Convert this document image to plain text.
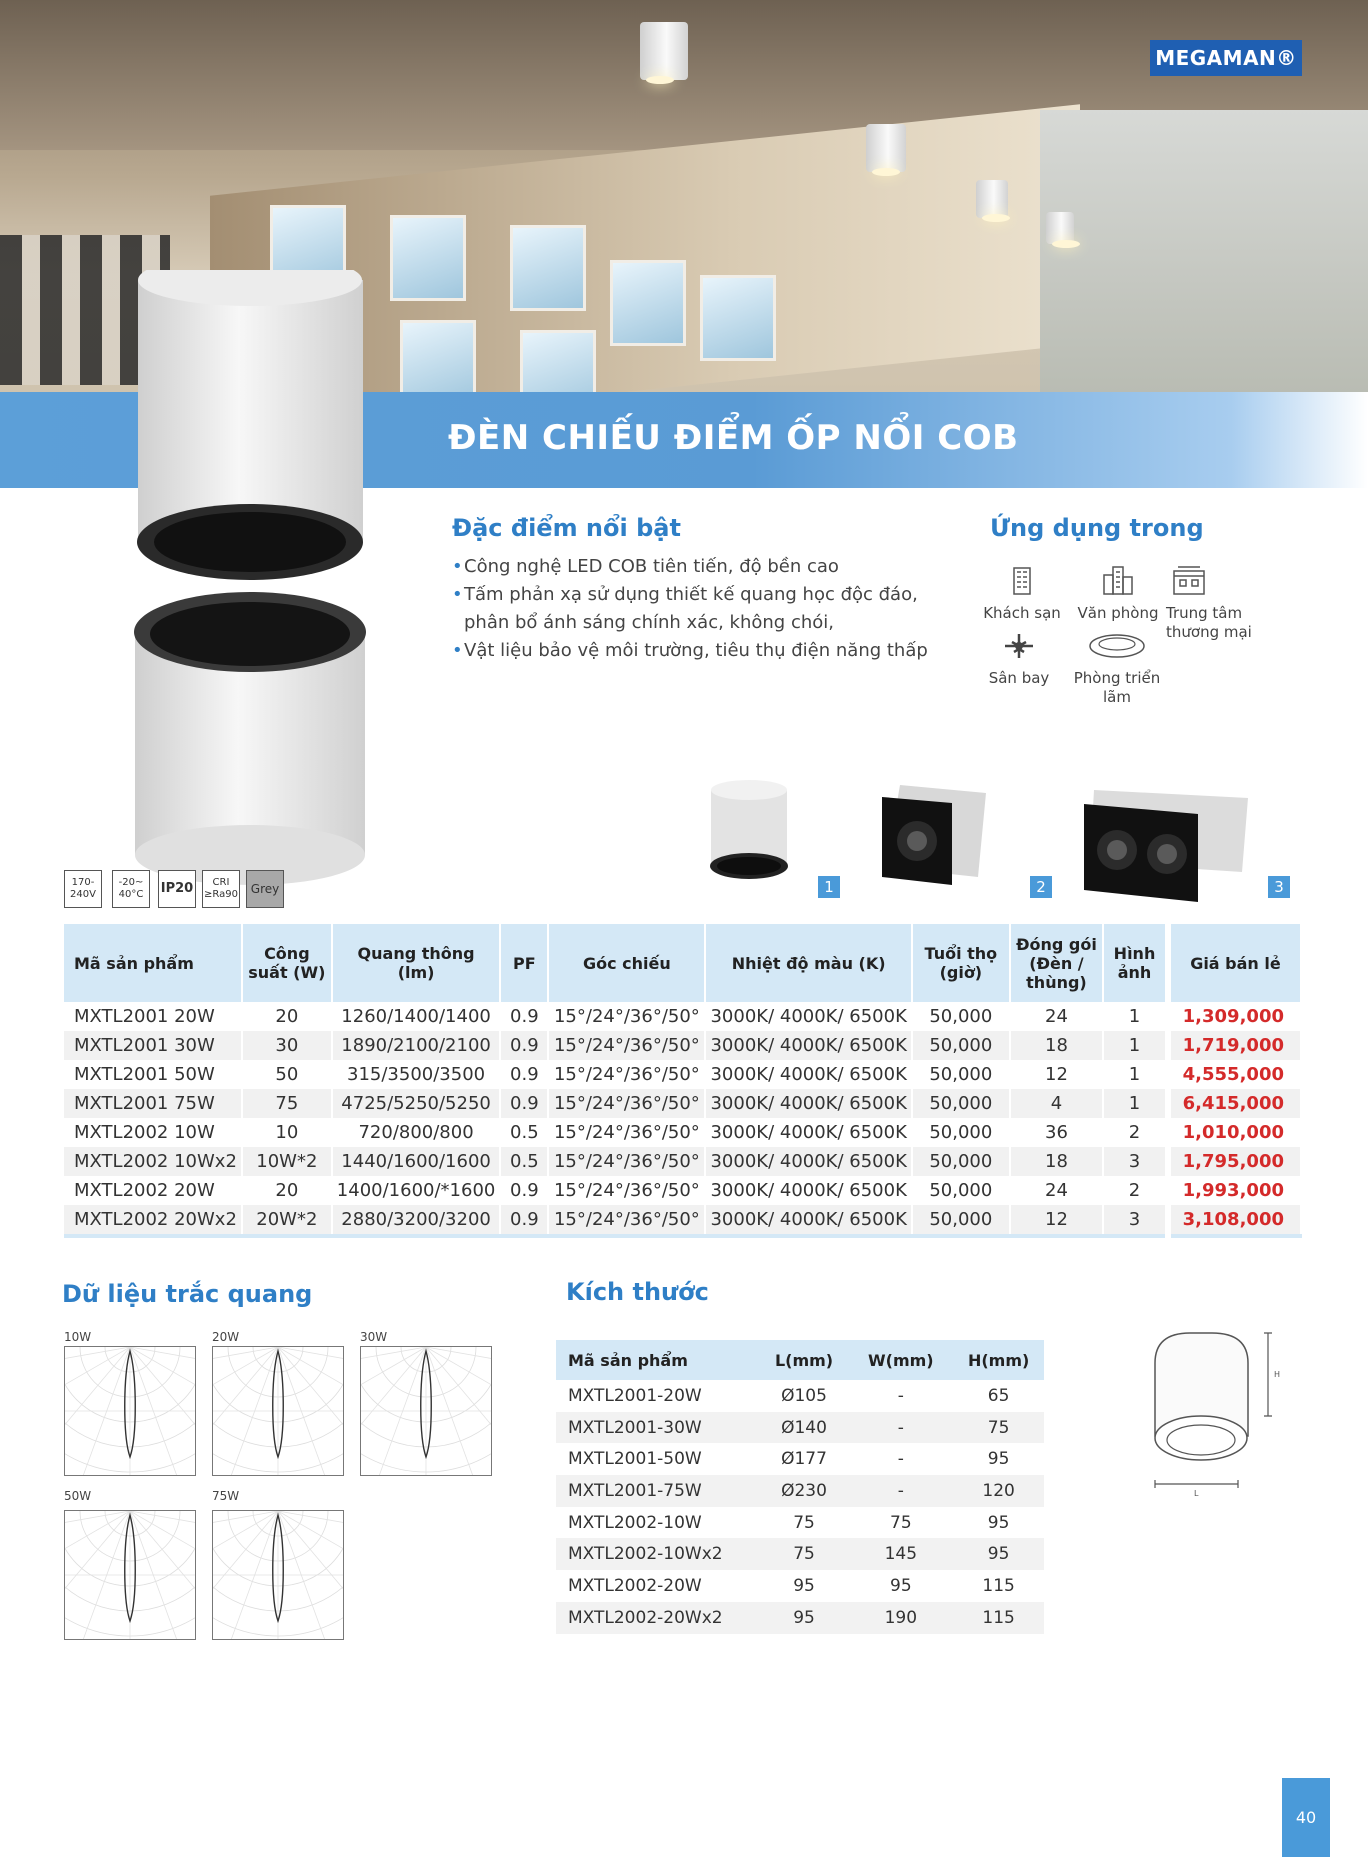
MEGAMAN®
ĐÈN CHIẾU ĐIỂM ỐP NỔI COB
Đặc điểm nổi bật
• Công nghệ LED COB tiên tiến, độ bền cao
• Tấm phản xạ sử dụng thiết kế quang học độc đáo,
phân bổ ánh sáng chính xác, không chói,
• Vật liệu bảo vệ môi trường, tiêu thụ điện năng thấp
Ứng dụng trong
Khách sạn Văn phòng Trung tâm thương mại
Sân bay	Phòng triển lãm
170-
240V
-20~
40°C IP20	CRI
≥Ra90 Grey	1	2	3
Mã sản phẩm	Công suất (W)	Quang thông (lm)	PF	Góc chiếu	Nhiệt độ màu (K)	Tuổi thọ (giờ)	Đóng gói (Đèn / thùng)	Hình ảnh	Giá bán lẻ
MXTL2001 20W	20	1260/1400/1400	0.9	15°/24°/36°/50°	3000K/ 4000K/ 6500K	50,000	24	1	1,309,000
MXTL2001 30W	30	1890/2100/2100	0.9	15°/24°/36°/50°	3000K/ 4000K/ 6500K	50,000	18	1	1,719,000
MXTL2001 50W	50	315/3500/3500	0.9	15°/24°/36°/50°	3000K/ 4000K/ 6500K	50,000	12	1	4,555,000
MXTL2001 75W	75	4725/5250/5250	0.9	15°/24°/36°/50°	3000K/ 4000K/ 6500K	50,000	4	1	6,415,000
MXTL2002 10W	10	720/800/800	0.5	15°/24°/36°/50°	3000K/ 4000K/ 6500K	50,000	36	2	1,010,000
MXTL2002 10Wx2	10W*2	1440/1600/1600	0.5	15°/24°/36°/50°	3000K/ 4000K/ 6500K	50,000	18	3	1,795,000
MXTL2002 20W	20	1400/1600/*1600	0.9	15°/24°/36°/50°	3000K/ 4000K/ 6500K	50,000	24	2	1,993,000
MXTL2002 20Wx2	20W*2	2880/3200/3200	0.9	15°/24°/36°/50°	3000K/ 4000K/ 6500K	50,000	12	3	3,108,000
Dữ liệu trắc quang
10W	20W	30W
50W	75W
Kích thước
Mã sản phẩm	L(mm)	W(mm)	H(mm)
MXTL2001-20W	Ø105	-	65
MXTL2001-30W	Ø140	-	75
MXTL2001-50W	Ø177	-	95
MXTL2001-75W	Ø230	-	120
MXTL2002-10W	75	75	95
MXTL2002-10Wx2	75	145	95
MXTL2002-20W	95	95	115
MXTL2002-20Wx2	95	190	115
H
L
40
